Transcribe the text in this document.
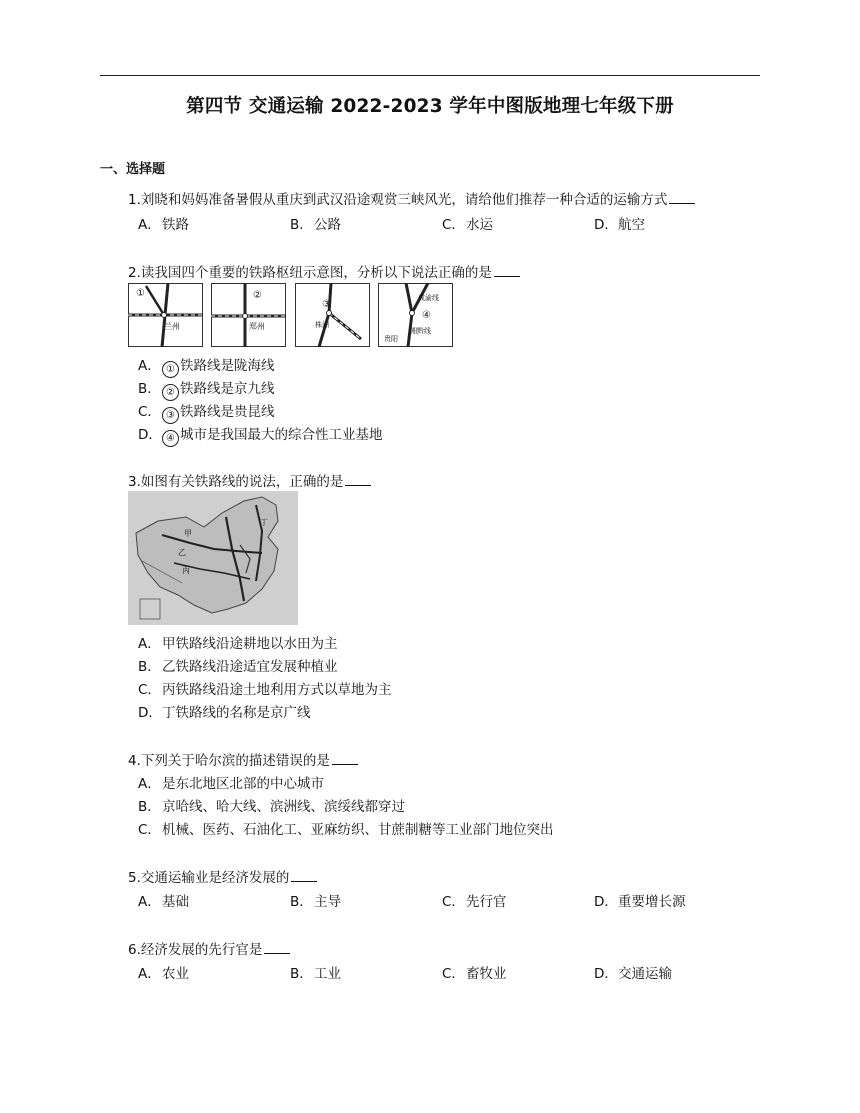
第四节 交通运输 2022-2023 学年中图版地理七年级下册
一、选择题
1.刘晓和妈妈准备暑假从重庆到武汉沿途观赏三峡风光，请给他们推荐一种合适的运输方式
A．铁路	B．公路	C．水运	D．航空
2.读我国四个重要的铁路枢纽示意图，分析以下说法正确的是
①
兰州
②
郑州
③
株洲
成渝线
④
湘黔线
贵阳
A． ① 铁路线是陇海线
B． ② 铁路线是京九线
C． ③ 铁路线是贵昆线
D． ④ 城市是我国最大的综合性工业基地
3.如图有关铁路线的说法，正确的是
甲
乙
丙
丁
A．甲铁路线沿途耕地以水田为主
B．乙铁路线沿途适宜发展种植业
C．丙铁路线沿途土地利用方式以草地为主
D．丁铁路线的名称是京广线
4.下列关于哈尔滨的描述错误的是
A．是东北地区北部的中心城市
B．京哈线、哈大线、滨洲线、滨绥线都穿过
C．机械、医药、石油化工、亚麻纺织、甘蔗制糖等工业部门地位突出
5.交通运输业是经济发展的
A．基础	B．主导	C．先行官	D．重要增长源
6.经济发展的先行官是
A．农业	B．工业	C．畜牧业	D．交通运输
